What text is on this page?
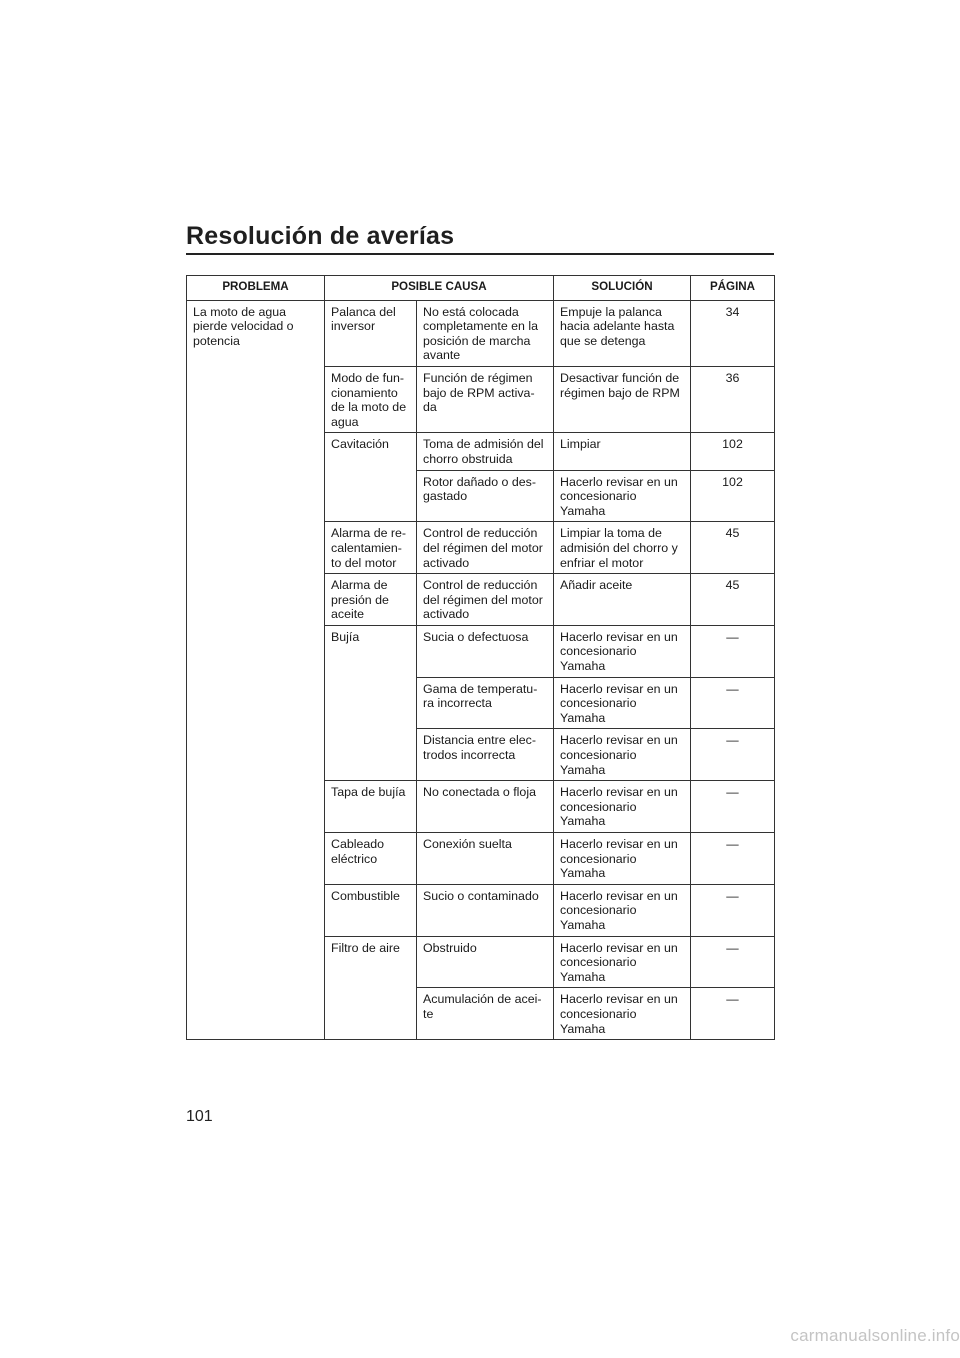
Resolución de averías
PROBLEMA	POSIBLE CAUSA		SOLUCIÓN	PÁGINA
La moto de agua
pierde velocidad o
potencia	Palanca del
inversor	No está colocada
completamente en la
posición de marcha
avante	Empuje la palanca
hacia adelante hasta
que se detenga	34
	Modo de fun-
cionamiento
de la moto de
agua	Función de régimen
bajo de RPM activa-
da	Desactivar función de
régimen bajo de RPM	36
	Cavitación	Toma de admisión del
chorro obstruida	Limpiar	102
		Rotor dañado o des-
gastado	Hacerlo revisar en un
concesionario
Yamaha	102
	Alarma de re-
calentamien-
to del motor	Control de reducción
del régimen del motor
activado	Limpiar la toma de
admisión del chorro y
enfriar el motor	45
	Alarma de
presión de
aceite	Control de reducción
del régimen del motor
activado	Añadir aceite	45
	Bujía	Sucia o defectuosa	Hacerlo revisar en un
concesionario
Yamaha	—
		Gama de temperatu-
ra incorrecta	Hacerlo revisar en un
concesionario
Yamaha	—
		Distancia entre elec-
trodos incorrecta	Hacerlo revisar en un
concesionario
Yamaha	—
	Tapa de bujía	No conectada o floja	Hacerlo revisar en un
concesionario
Yamaha	—
	Cableado
eléctrico	Conexión suelta	Hacerlo revisar en un
concesionario
Yamaha	—
	Combustible	Sucio o contaminado	Hacerlo revisar en un
concesionario
Yamaha	—
	Filtro de aire	Obstruido	Hacerlo revisar en un
concesionario
Yamaha	—
		Acumulación de acei-
te	Hacerlo revisar en un
concesionario
Yamaha	—
101
carmanualsonline.info
